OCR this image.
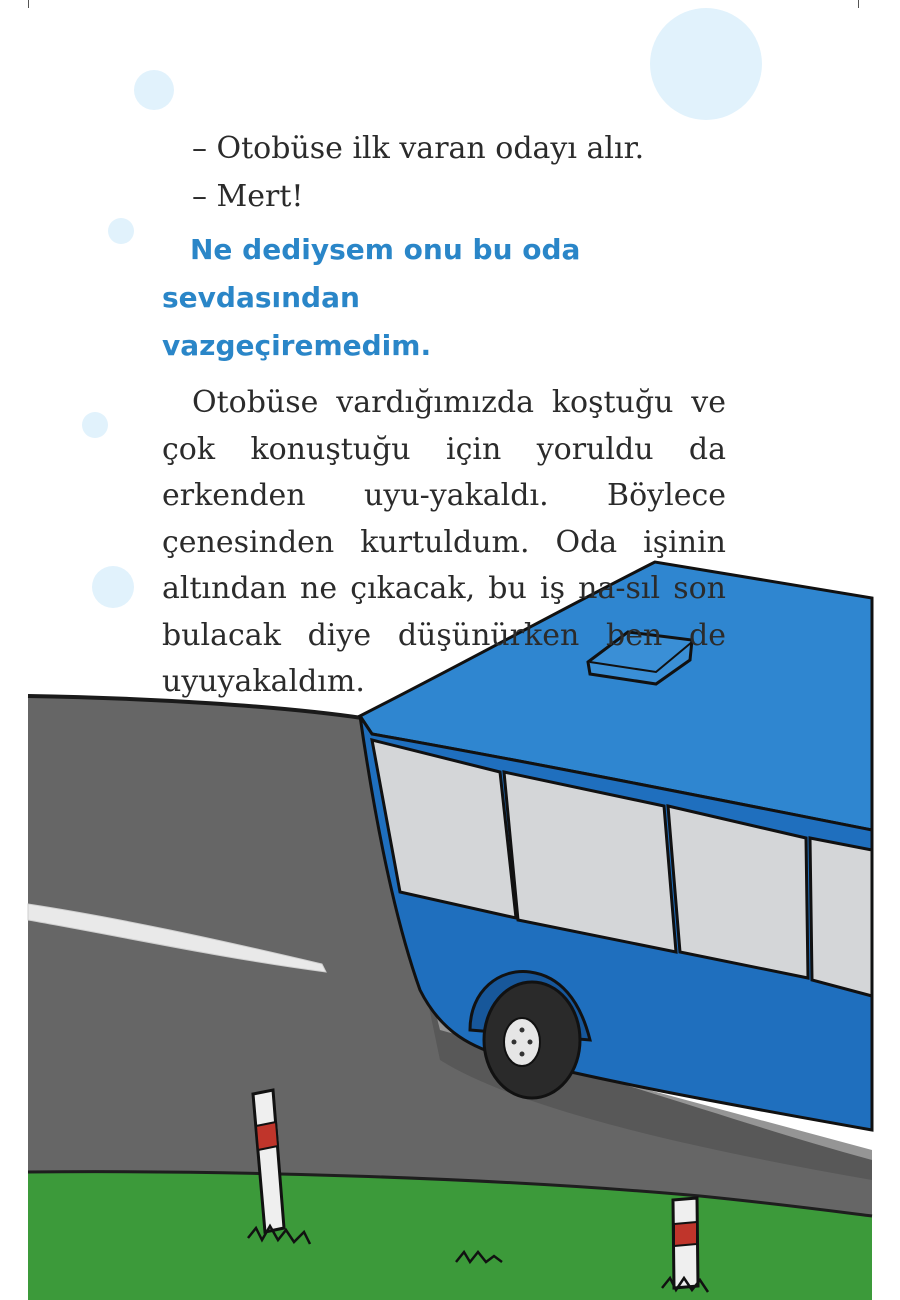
– Otobüse ilk varan odayı alır.

– Mert!

Ne dediysem onu bu oda sevdasından
vazgeçiremedim.

Otobüse vardığımızda koştuğu ve çok konuştuğu için yoruldu da erkenden uyu-yakaldı. Böylece çenesinden kurtuldum. Oda işinin altından ne çıkacak, bu iş na-sıl son bulacak diye düşünürken ben de uyuyakaldım.
